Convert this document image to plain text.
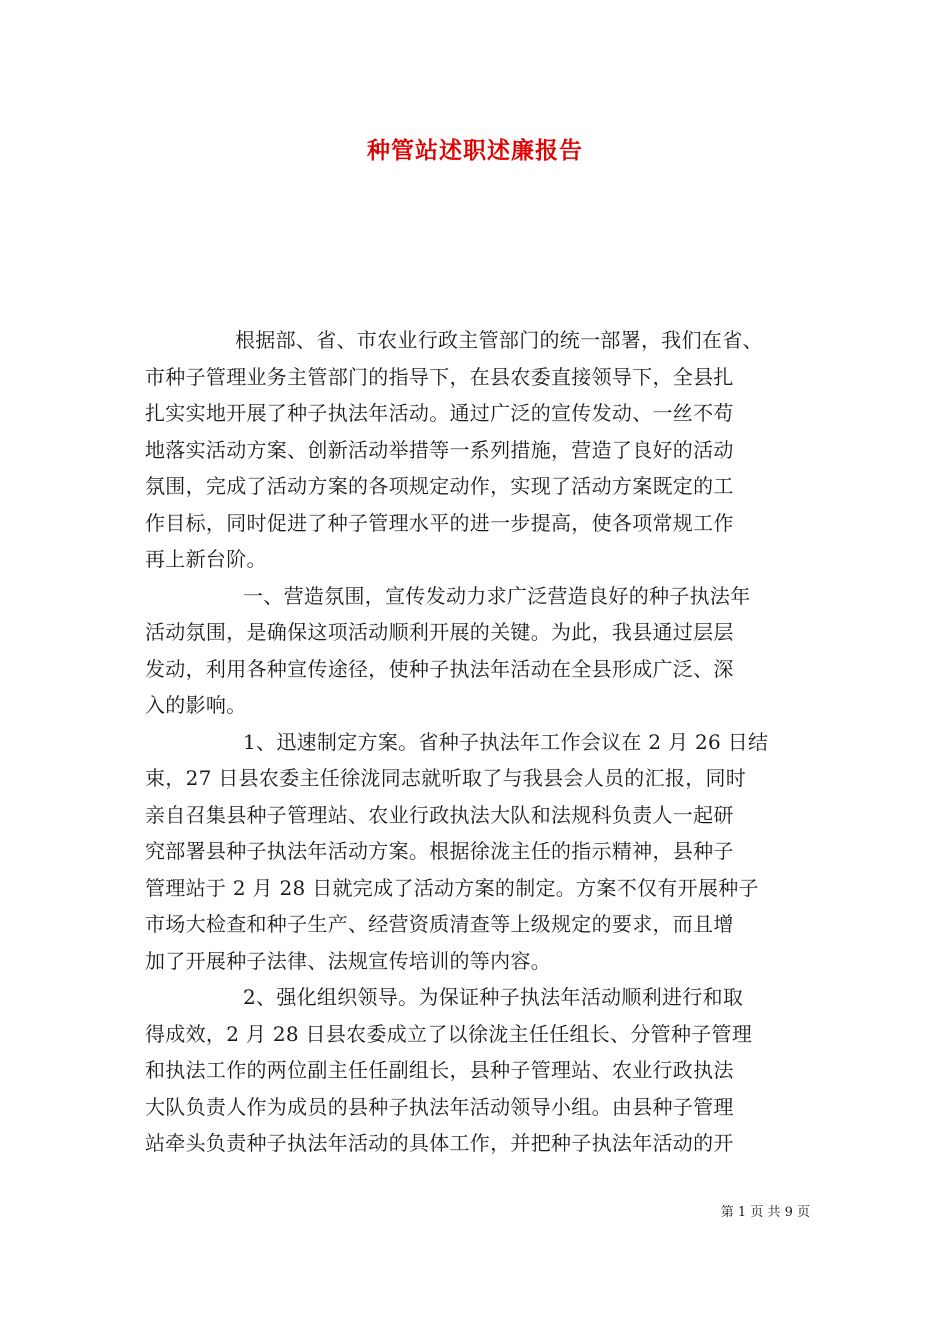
种管站述职述廉报告
根据部、省、市农业行政主管部门的统一部署，我们在省、
市种子管理业务主管部门的指导下，在县农委直接领导下，全县扎
扎实实地开展了种子执法年活动。通过广泛的宣传发动、一丝不苟
地落实活动方案、创新活动举措等一系列措施，营造了良好的活动
氛围，完成了活动方案的各项规定动作，实现了活动方案既定的工
作目标，同时促进了种子管理水平的进一步提高，使各项常规工作
再上新台阶。
一、营造氛围，宣传发动力求广泛营造良好的种子执法年
活动氛围，是确保这项活动顺利开展的关键。为此，我县通过层层
发动，利用各种宣传途径，使种子执法年活动在全县形成广泛、深
入的影响。
1、迅速制定方案。省种子执法年工作会议在 2 月 26 日结
束，27 日县农委主任徐泷同志就听取了与我县会人员的汇报，同时
亲自召集县种子管理站、农业行政执法大队和法规科负责人一起研
究部署县种子执法年活动方案。根据徐泷主任的指示精神，县种子
管理站于 2 月 28 日就完成了活动方案的制定。方案不仅有开展种子
市场大检查和种子生产、经营资质清查等上级规定的要求，而且增
加了开展种子法律、法规宣传培训的等内容。
2、强化组织领导。为保证种子执法年活动顺利进行和取
得成效，2 月 28 日县农委成立了以徐泷主任任组长、分管种子管理
和执法工作的两位副主任任副组长，县种子管理站、农业行政执法
大队负责人作为成员的县种子执法年活动领导小组。由县种子管理
站牵头负责种子执法年活动的具体工作，并把种子执法年活动的开
第 1 页 共 9 页
